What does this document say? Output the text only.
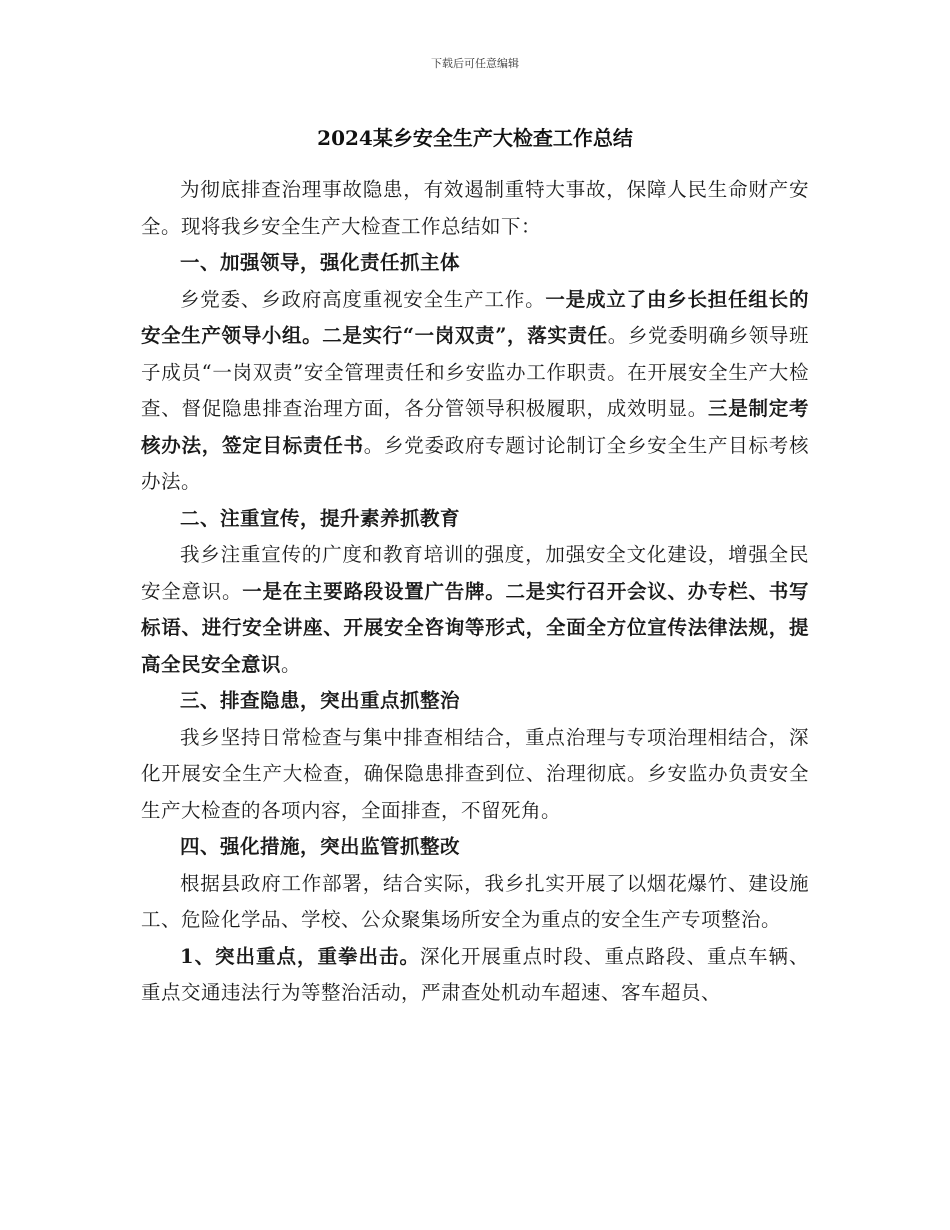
下载后可任意编辑
2024某乡安全生产大检查工作总结

为彻底排查治理事故隐患，有效遏制重特大事故，保障人民生命财产安全。现将我乡安全生产大检查工作总结如下：

一、加强领导，强化责任抓主体

乡党委、乡政府高度重视安全生产工作。一是成立了由乡长担任组长的安全生产领导小组。二是实行“一岗双责”，落实责任。乡党委明确乡领导班子成员“一岗双责”安全管理责任和乡安监办工作职责。在开展安全生产大检查、督促隐患排查治理方面，各分管领导积极履职，成效明显。三是制定考核办法，签定目标责任书。乡党委政府专题讨论制订全乡安全生产目标考核办法。

二、注重宣传，提升素养抓教育

我乡注重宣传的广度和教育培训的强度，加强安全文化建设，增强全民安全意识。一是在主要路段设置广告牌。二是实行召开会议、办专栏、书写标语、进行安全讲座、开展安全咨询等形式，全面全方位宣传法律法规，提高全民安全意识。

三、排查隐患，突出重点抓整治

我乡坚持日常检查与集中排查相结合，重点治理与专项治理相结合，深化开展安全生产大检查，确保隐患排查到位、治理彻底。乡安监办负责安全生产大检查的各项内容，全面排查，不留死角。

四、强化措施，突出监管抓整改

根据县政府工作部署，结合实际，我乡扎实开展了以烟花爆竹、建设施工、危险化学品、学校、公众聚集场所安全为重点的安全生产专项整治。

1、突出重点，重拳出击。深化开展重点时段、重点路段、重点车辆、重点交通违法行为等整治活动，严肃查处机动车超速、客车超员、
